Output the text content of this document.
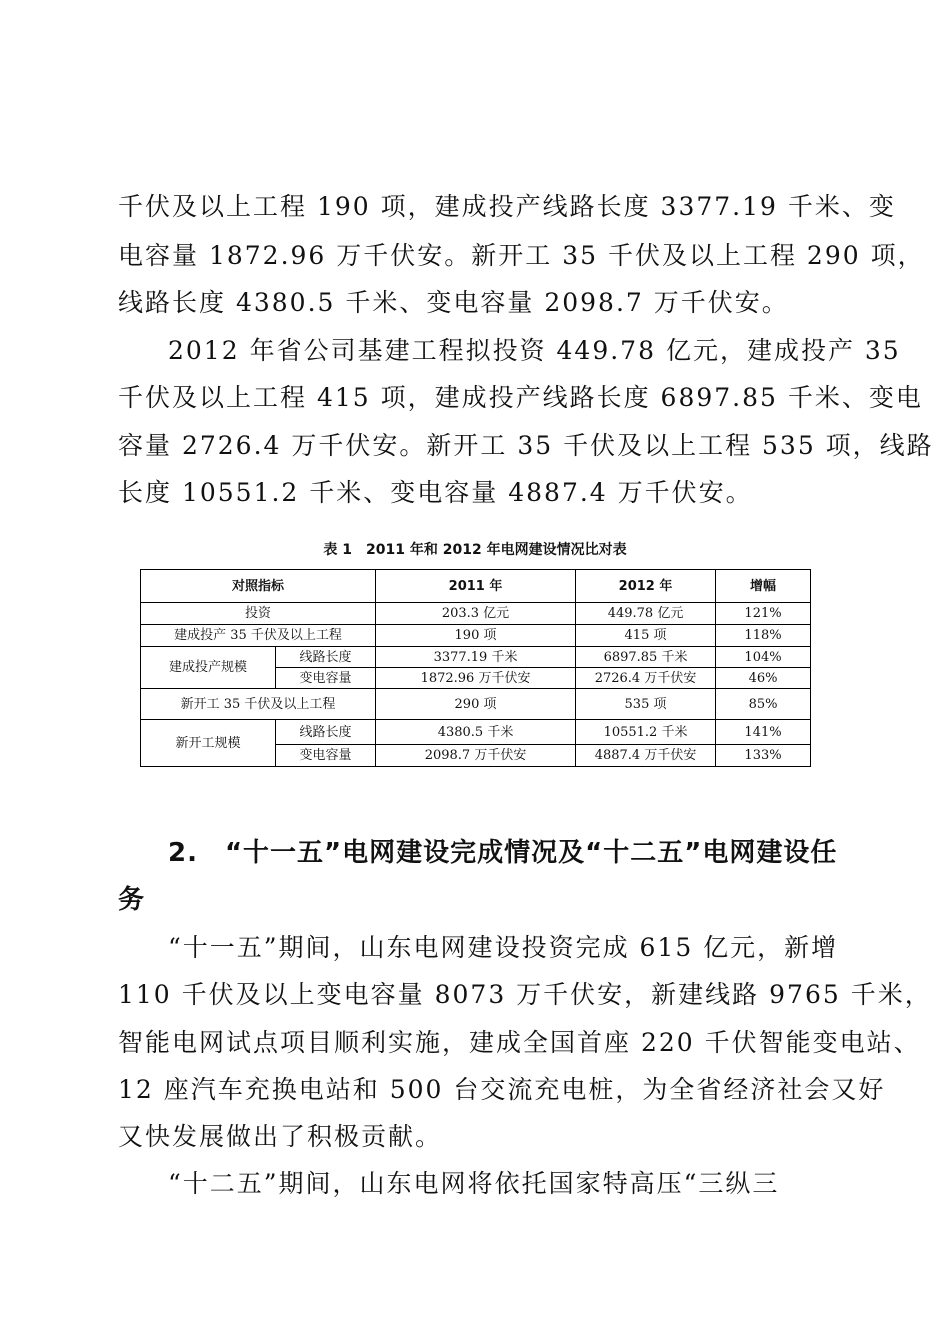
千伏及以上工程 190 项，建成投产线路长度 3377.19 千米、变
电容量 1872.96 万千伏安。新开工 35 千伏及以上工程 290 项，
线路长度 4380.5 千米、变电容量 2098.7 万千伏安。
2012 年省公司基建工程拟投资 449.78 亿元，建成投产 35
千伏及以上工程 415 项，建成投产线路长度 6897.85 千米、变电
容量 2726.4 万千伏安。新开工 35 千伏及以上工程 535 项，线路
长度 10551.2 千米、变电容量 4887.4 万千伏安。
表 1　2011 年和 2012 年电网建设情况比对表
对照指标		2011 年	2012 年	增幅
投资		203.3 亿元	449.78 亿元	121%
建成投产 35 千伏及以上工程		190 项	415 项	118%
建成投产规模	线路长度	3377.19 千米	6897.85 千米	104%
	变电容量	1872.96 万千伏安	2726.4 万千伏安	46%
新开工 35 千伏及以上工程		290 项	535 项	85%
新开工规模	线路长度	4380.5 千米	10551.2 千米	141%
	变电容量	2098.7 万千伏安	4887.4 万千伏安	133%
2.　“十一五”电网建设完成情况及“十二五”电网建设任
务
“十一五”期间，山东电网建设投资完成 615 亿元，新增
110 千伏及以上变电容量 8073 万千伏安，新建线路 9765 千米，
智能电网试点项目顺利实施，建成全国首座 220 千伏智能变电站、
12 座汽车充换电站和 500 台交流充电桩，为全省经济社会又好
又快发展做出了积极贡献。
“十二五”期间，山东电网将依托国家特高压“三纵三
